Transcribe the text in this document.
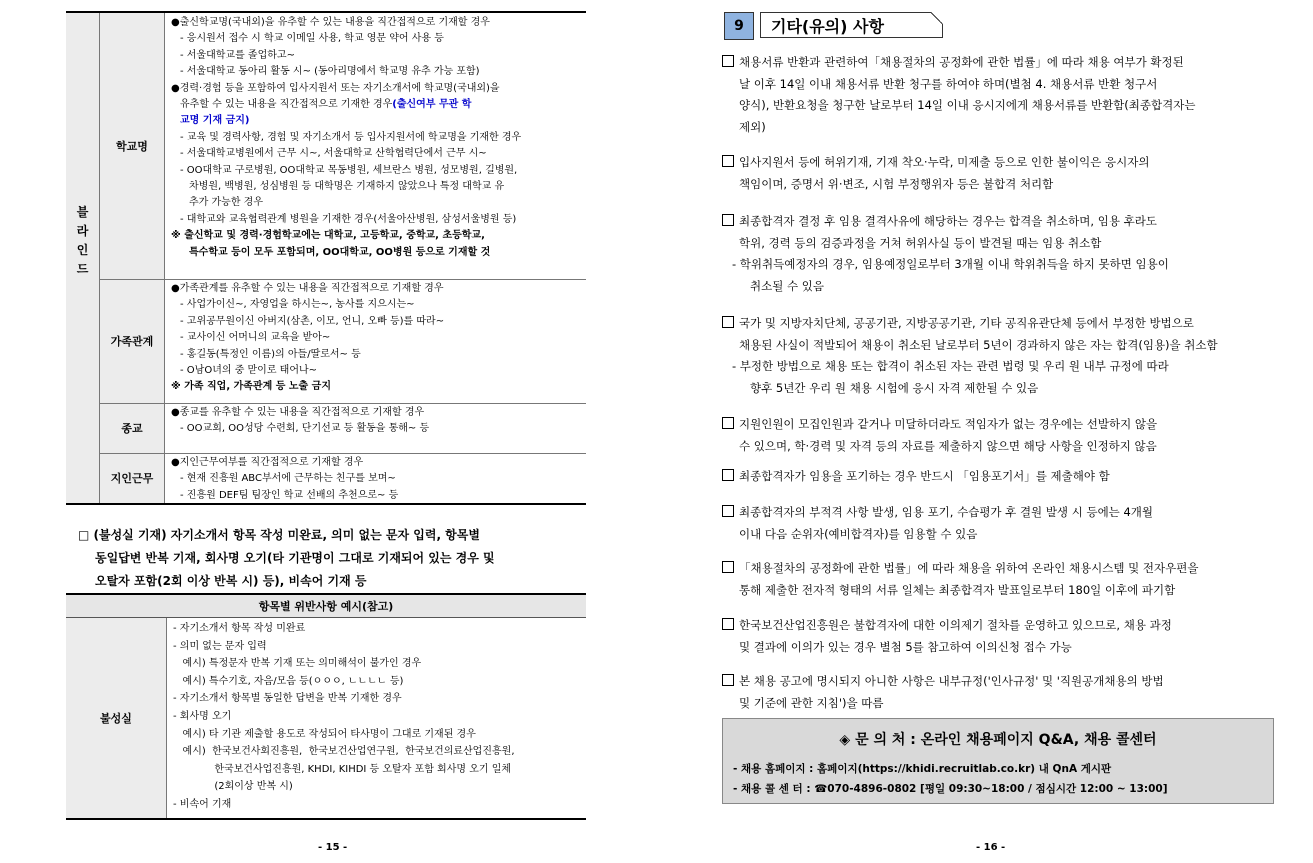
블
라
인
드
학교명
가족관계
종교
지인근무
●출신학교명(국내외)을 유추할 수 있는 내용을 직간접적으로 기재할 경우
- 응시원서 접수 시 학교 이메일 사용, 학교 영문 약어 사용 등
- 서울대학교를 졸업하고~
- 서울대학교 동아리 활동 시~ (동아리명에서 학교명 유추 가능 포함)
●경력·경험 등을 포함하여 입사지원서 또는 자기소개서에 학교명(국내외)을
유추할 수 있는 내용을 직간접적으로 기재한 경우(출신여부 무관 학
교명 기재 금지)
- 교육 및 경력사항, 경험 및 자기소개서 등 입사지원서에 학교명을 기재한 경우
- 서울대학교병원에서 근무 시~, 서울대학교 산학협력단에서 근무 시~
- OO대학교 구로병원, OO대학교 목동병원, 세브란스 병원, 성모병원, 길병원,
차병원, 백병원, 성심병원 등 대학명은 기재하지 않았으나 특정 대학교 유
추가 가능한 경우
- 대학교와 교육협력관계 병원을 기재한 경우(서울아산병원, 삼성서울병원 등)
※ 출신학교 및 경력·경험학교에는 대학교, 고등학교, 중학교, 초등학교,
특수학교 등이 모두 포함되며, OO대학교, OO병원 등으로 기재할 것
●가족관계를 유추할 수 있는 내용을 직간접적으로 기재할 경우
- 사업가이신~, 자영업을 하시는~, 농사를 지으시는~
- 고위공무원이신 아버지(삼촌, 이모, 언니, 오빠 등)를 따라~
- 교사이신 어머니의 교육을 받아~
- 홍길동(특정인 이름)의 아들/딸로서~ 등
- O남O녀의 중 맏이로 태어나~
※ 가족 직업, 가족관계 등 노출 금지
●종교를 유추할 수 있는 내용을 직간접적으로 기재할 경우
- OO교회, OO성당 수련회, 단기선교 등 활동을 통해~ 등
●지인근무여부를 직간접적으로 기재할 경우
- 현재 진흥원 ABC부서에 근무하는 친구를 보며~
- 진흥원 DEF팀 팀장인 학교 선배의 추천으로~ 등
□ (불성실 기재) 자기소개서 항목 작성 미완료, 의미 없는 문자 입력, 항목별
동일답변 반복 기재, 회사명 오기(타 기관명이 그대로 기재되어 있는 경우 및
오탈자 포함(2회 이상 반복 시) 등), 비속어 기재 등
항목별 위반사항 예시(참고)
불성실
- 자기소개서 항목 작성 미완료
- 의미 없는 문자 입력
예시) 특정문자 반복 기재 또는 의미해석이 불가인 경우
예시) 특수기호, 자음/모음 등(ㅇㅇㅇ, ㄴㄴㄴㄴ 등)
- 자기소개서 항목별 동일한 답변을 반복 기재한 경우
- 회사명 오기
예시) 타 기관 제출할 용도로 작성되어 타사명이 그대로 기재된 경우
예시)  한국보건사회진흥원,  한국보건산업연구원,  한국보건의료산업진흥원,
한국보건사업진흥원, KHDI, KIHDI 등 오탈자 포함 회사명 오기 일체
(2회이상 반복 시)
- 비속어 기재
- 15 -
9	기타(유의) 사항
채용서류 반환과 관련하여「채용절차의 공정화에 관한 법률」에 따라 채용 여부가 확정된
날 이후 14일 이내 채용서류 반환 청구를 하여야 하며(별첨 4. 채용서류 반환 청구서
양식), 반환요청을 청구한 날로부터 14일 이내 응시지에게 채용서류를 반환함(최종합격자는
제외)
입사지원서 등에 허위기재, 기재 착오·누락, 미제출 등으로 인한 불이익은 응시자의
책임이며, 증명서 위·변조, 시험 부정행위자 등은 불합격 처리함
최종합격자 결정 후 임용 결격사유에 해당하는 경우는 합격을 취소하며, 임용 후라도
학위, 경력 등의 검증과정을 거쳐 허위사실 등이 발견될 때는 임용 취소함
- 학위취득예정자의 경우, 임용예정일로부터 3개월 이내 학위취득을 하지 못하면 임용이
취소될 수 있음
국가 및 지방자치단체, 공공기관, 지방공공기관, 기타 공직유관단체 등에서 부정한 방법으로
채용된 사실이 적발되어 채용이 취소된 날로부터 5년이 경과하지 않은 자는 합격(임용)을 취소함
- 부정한 방법으로 채용 또는 합격이 취소된 자는 관련 법령 및 우리 원 내부 규정에 따라
향후 5년간 우리 원 채용 시험에 응시 자격 제한될 수 있음
지원인원이 모집인원과 같거나 미달하더라도 적임자가 없는 경우에는 선발하지 않을
수 있으며, 학·경력 및 자격 등의 자료를 제출하지 않으면 해당 사항을 인정하지 않음
최종합격자가 임용을 포기하는 경우 반드시 「임용포기서」를 제출해야 함
최종합격자의 부적격 사항 발생, 임용 포기, 수습평가 후 결원 발생 시 등에는 4개월
이내 다음 순위자(예비합격자)를 임용할 수 있음
「채용절차의 공정화에 관한 법률」에 따라 채용을 위하여 온라인 채용시스템 및 전자우편을
통해 제출한 전자적 형태의 서류 일체는 최종합격자 발표일로부터 180일 이후에 파기함
한국보건산업진흥원은 불합격자에 대한 이의제기 절차를 운영하고 있으므로, 채용 과정
및 결과에 이의가 있는 경우 별첨 5를 참고하여 이의신청 접수 가능
본 채용 공고에 명시되지 아니한 사항은 내부규정('인사규정' 및 '직원공개채용의 방법
및 기준에 관한 지침')을 따름
◈ 문 의 처 : 온라인 채용페이지 Q&A, 채용 콜센터
- 채용 홈페이지 : 홈페이지(https://khidi.recruitlab.co.kr) 내 QnA 게시판
- 채용 콜 센 터 : ☎070-4896-0802 [평일 09:30~18:00 / 점심시간 12:00 ~ 13:00]
- 16 -
